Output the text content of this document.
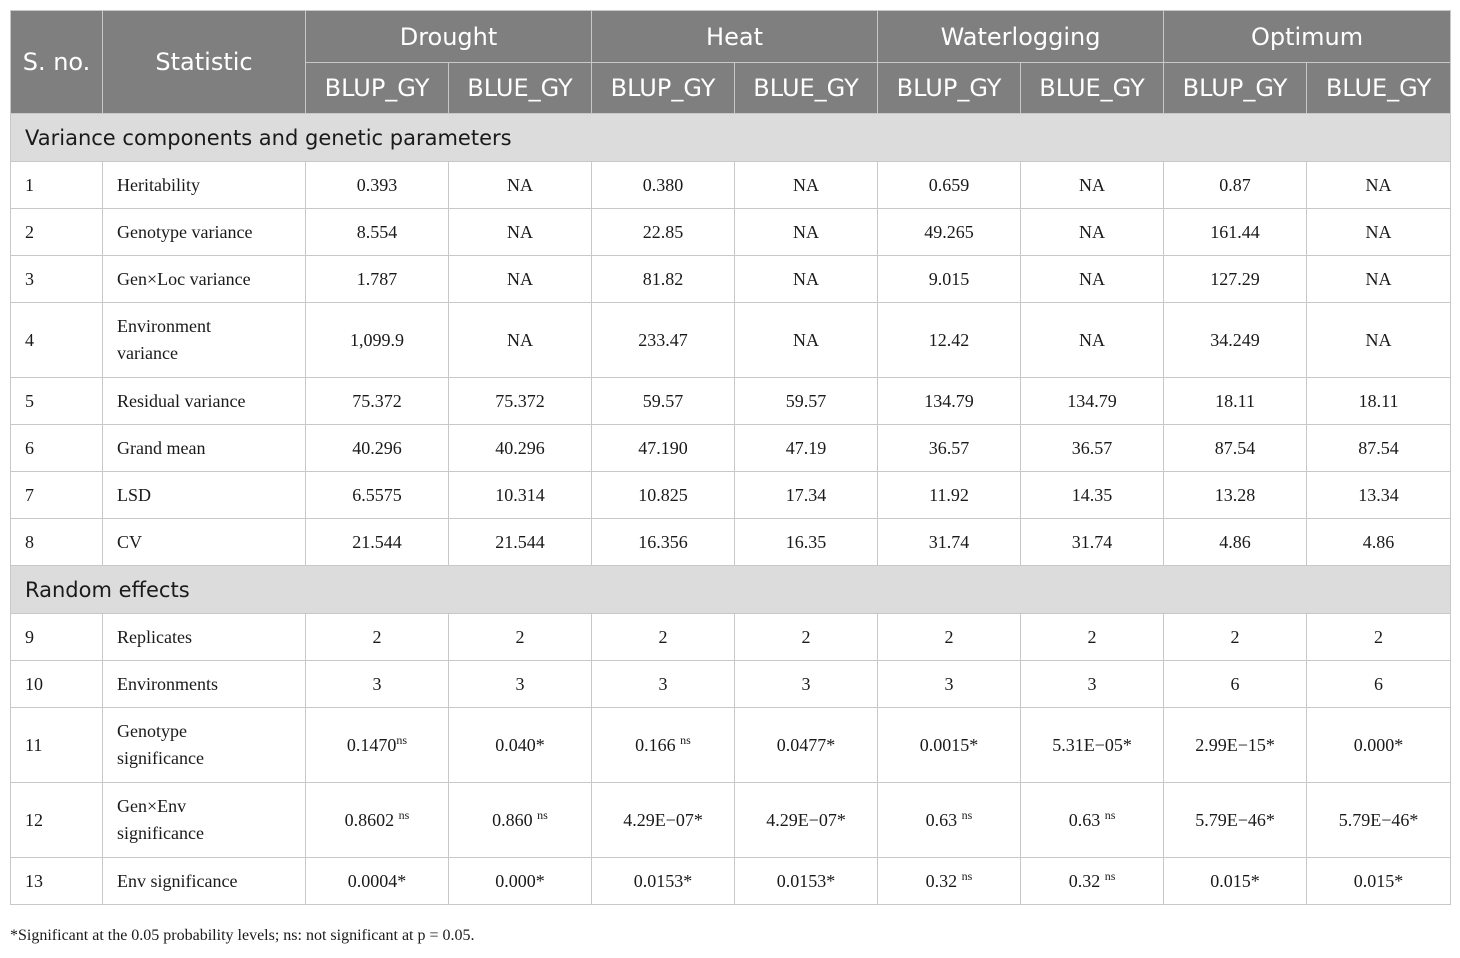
S. no.	Statistic	Drought		Heat		Waterlogging		Optimum	
		BLUP_GY	BLUE_GY	BLUP_GY	BLUE_GY	BLUP_GY	BLUE_GY	BLUP_GY	BLUE_GY
Variance components and genetic parameters									
1	Heritability	0.393	NA	0.380	NA	0.659	NA	0.87	NA
2	Genotype variance	8.554	NA	22.85	NA	49.265	NA	161.44	NA
3	Gen×Loc variance	1.787	NA	81.82	NA	9.015	NA	127.29	NA
4	Environment variance	1,099.9	NA	233.47	NA	12.42	NA	34.249	NA
5	Residual variance	75.372	75.372	59.57	59.57	134.79	134.79	18.11	18.11
6	Grand mean	40.296	40.296	47.190	47.19	36.57	36.57	87.54	87.54
7	LSD	6.5575	10.314	10.825	17.34	11.92	14.35	13.28	13.34
8	CV	21.544	21.544	16.356	16.35	31.74	31.74	4.86	4.86
Random effects									
9	Replicates	2	2	2	2	2	2	2	2
10	Environments	3	3	3	3	3	3	6	6
11	Genotype significance	$0.1470^{ns}$	0.040*	0.166 $^{ns}$	0.0477*	0.0015*	5.31E−05*	2.99E−15*	0.000*
12	Gen×Env significance	0.8602 $^{ns}$	0.860 $^{ns}$	4.29E−07*	4.29E−07*	0.63 $^{ns}$	0.63 $^{ns}$	5.79E−46*	5.79E−46*
13	Env significance	0.0004*	0.000*	0.0153*	0.0153*	0.32 $^{ns}$	0.32 $^{ns}$	0.015*	0.015*
*Significant at the 0.05 probability levels; ns: not significant at p = 0.05.
